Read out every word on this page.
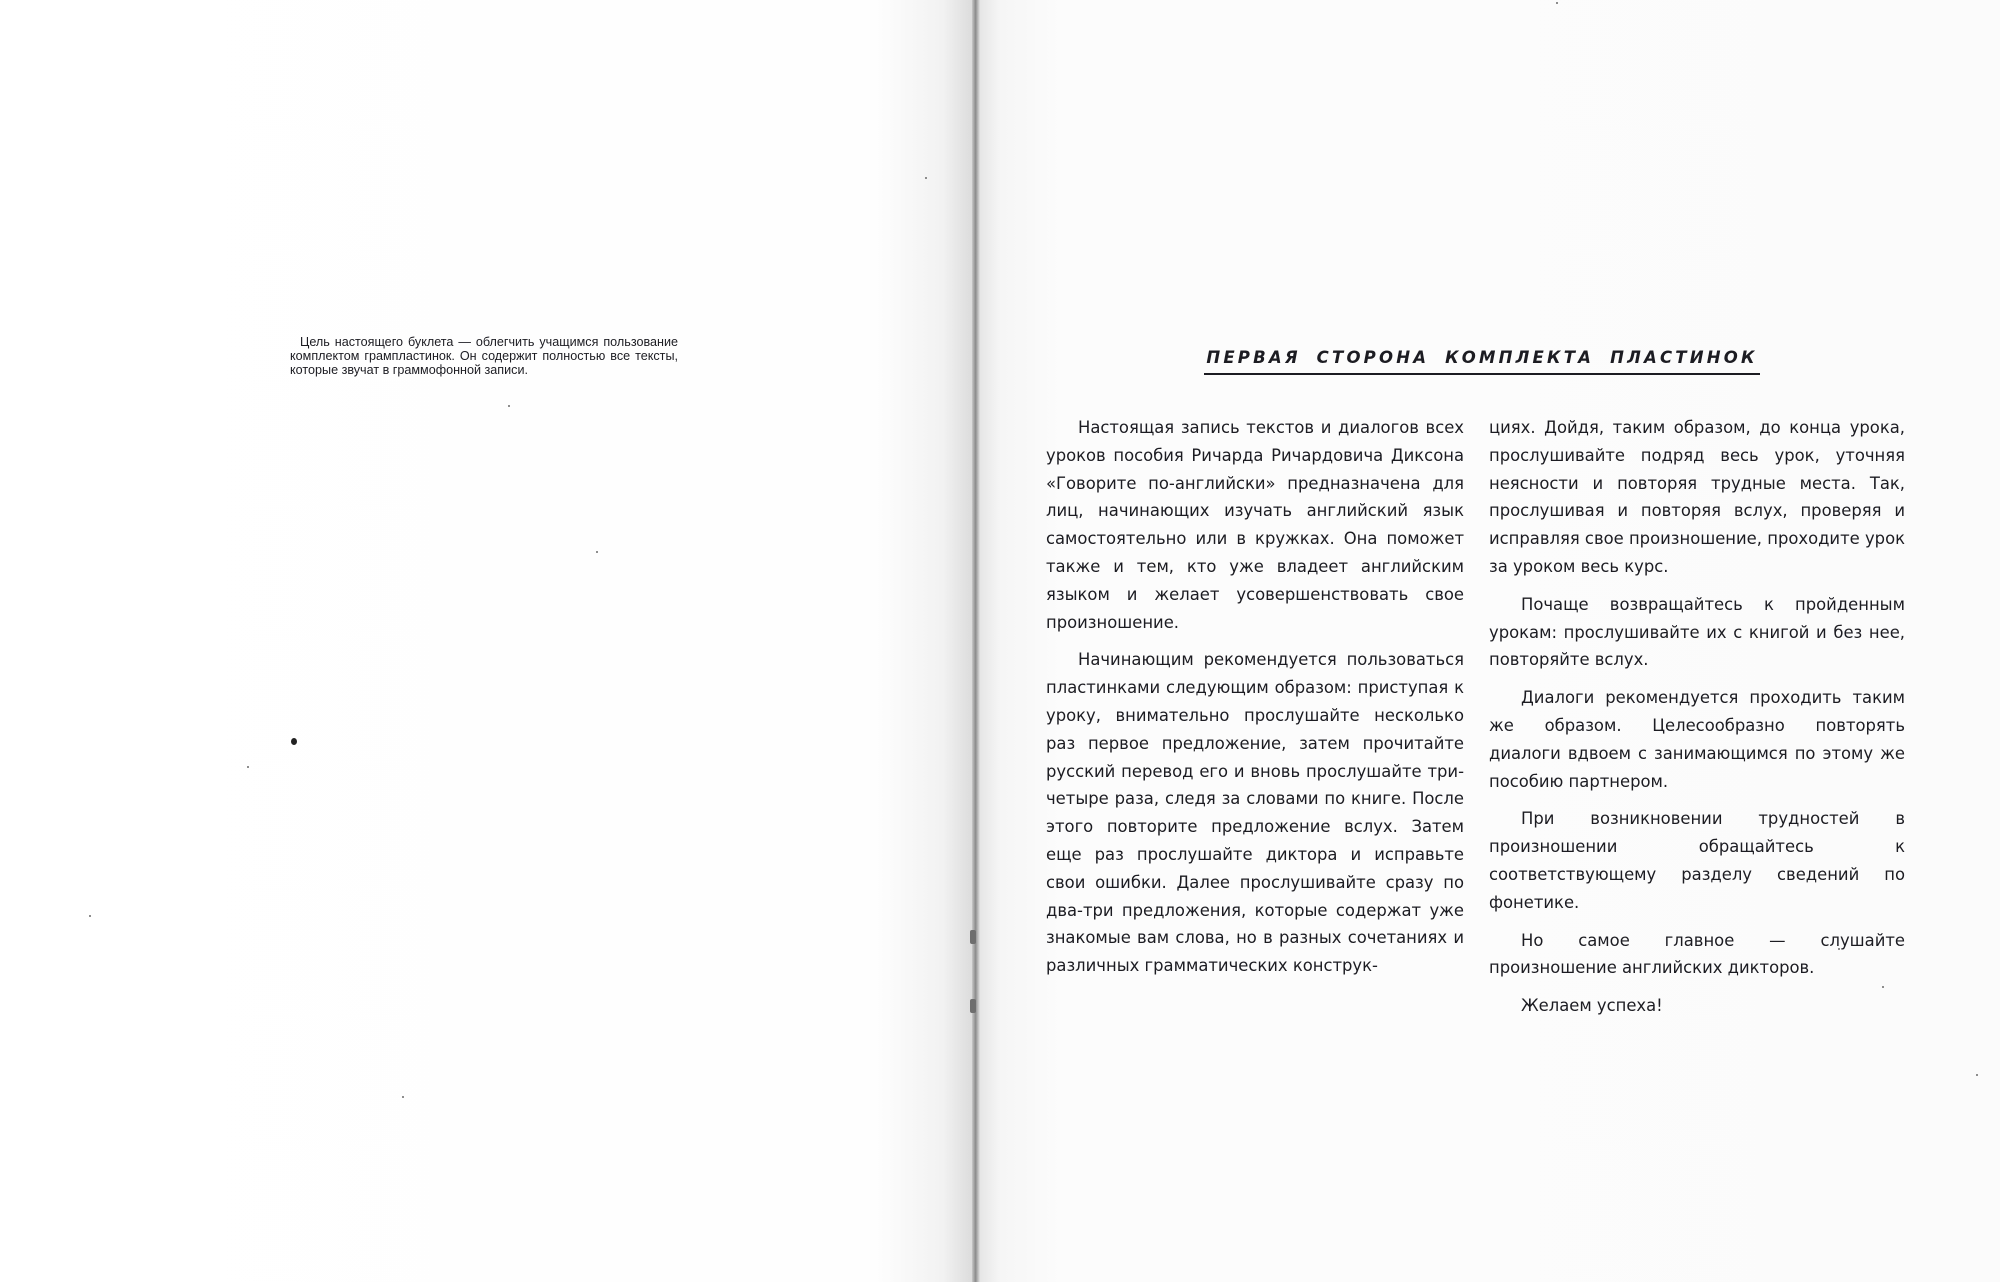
Цель настоящего буклета — облегчить учащимся пользование комплектом грампластинок. Он содержит полностью все тексты, которые звучат в граммофонной записи.

ПЕРВАЯ СТОРОНА КОМПЛЕКТА ПЛАСТИНОК

Настоящая запись текстов и диалогов всех уроков пособия Ричарда Ричардовича Диксона «Говорите по-английски» предназначена для лиц, начинающих изучать английский язык самостоятельно или в кружках. Она поможет также и тем, кто уже владеет английским языком и желает усовершенствовать свое произношение.

Начинающим рекомендуется пользоваться пластинками следующим образом: приступая к уроку, внимательно прослушайте несколько раз первое предложение, затем прочитайте русский перевод его и вновь прослушайте три-четыре раза, следя за словами по книге. После этого повторите предложение вслух. Затем еще раз прослушайте диктора и исправьте свои ошибки. Далее прослушивайте сразу по два-три предложения, которые содержат уже знакомые вам слова, но в разных сочетаниях и различных грамматических конструк-

циях. Дойдя, таким образом, до конца урока, прослушивайте подряд весь урок, уточняя неясности и повторяя трудные места. Так, прослушивая и повторяя вслух, проверяя и исправляя свое произношение, проходите урок за уроком весь курс.

Почаще возвращайтесь к пройденным урокам: прослушивайте их с книгой и без нее, повторяйте вслух.

Диалоги рекомендуется проходить таким же образом. Целесообразно повторять диалоги вдвоем с занимающимся по этому же пособию партнером.

При возникновении трудностей в произношении обращайтесь к соответствующему разделу сведений по фонетике.

Но самое главное — слушайте произношение английских дикторов.

Желаем успеха!
